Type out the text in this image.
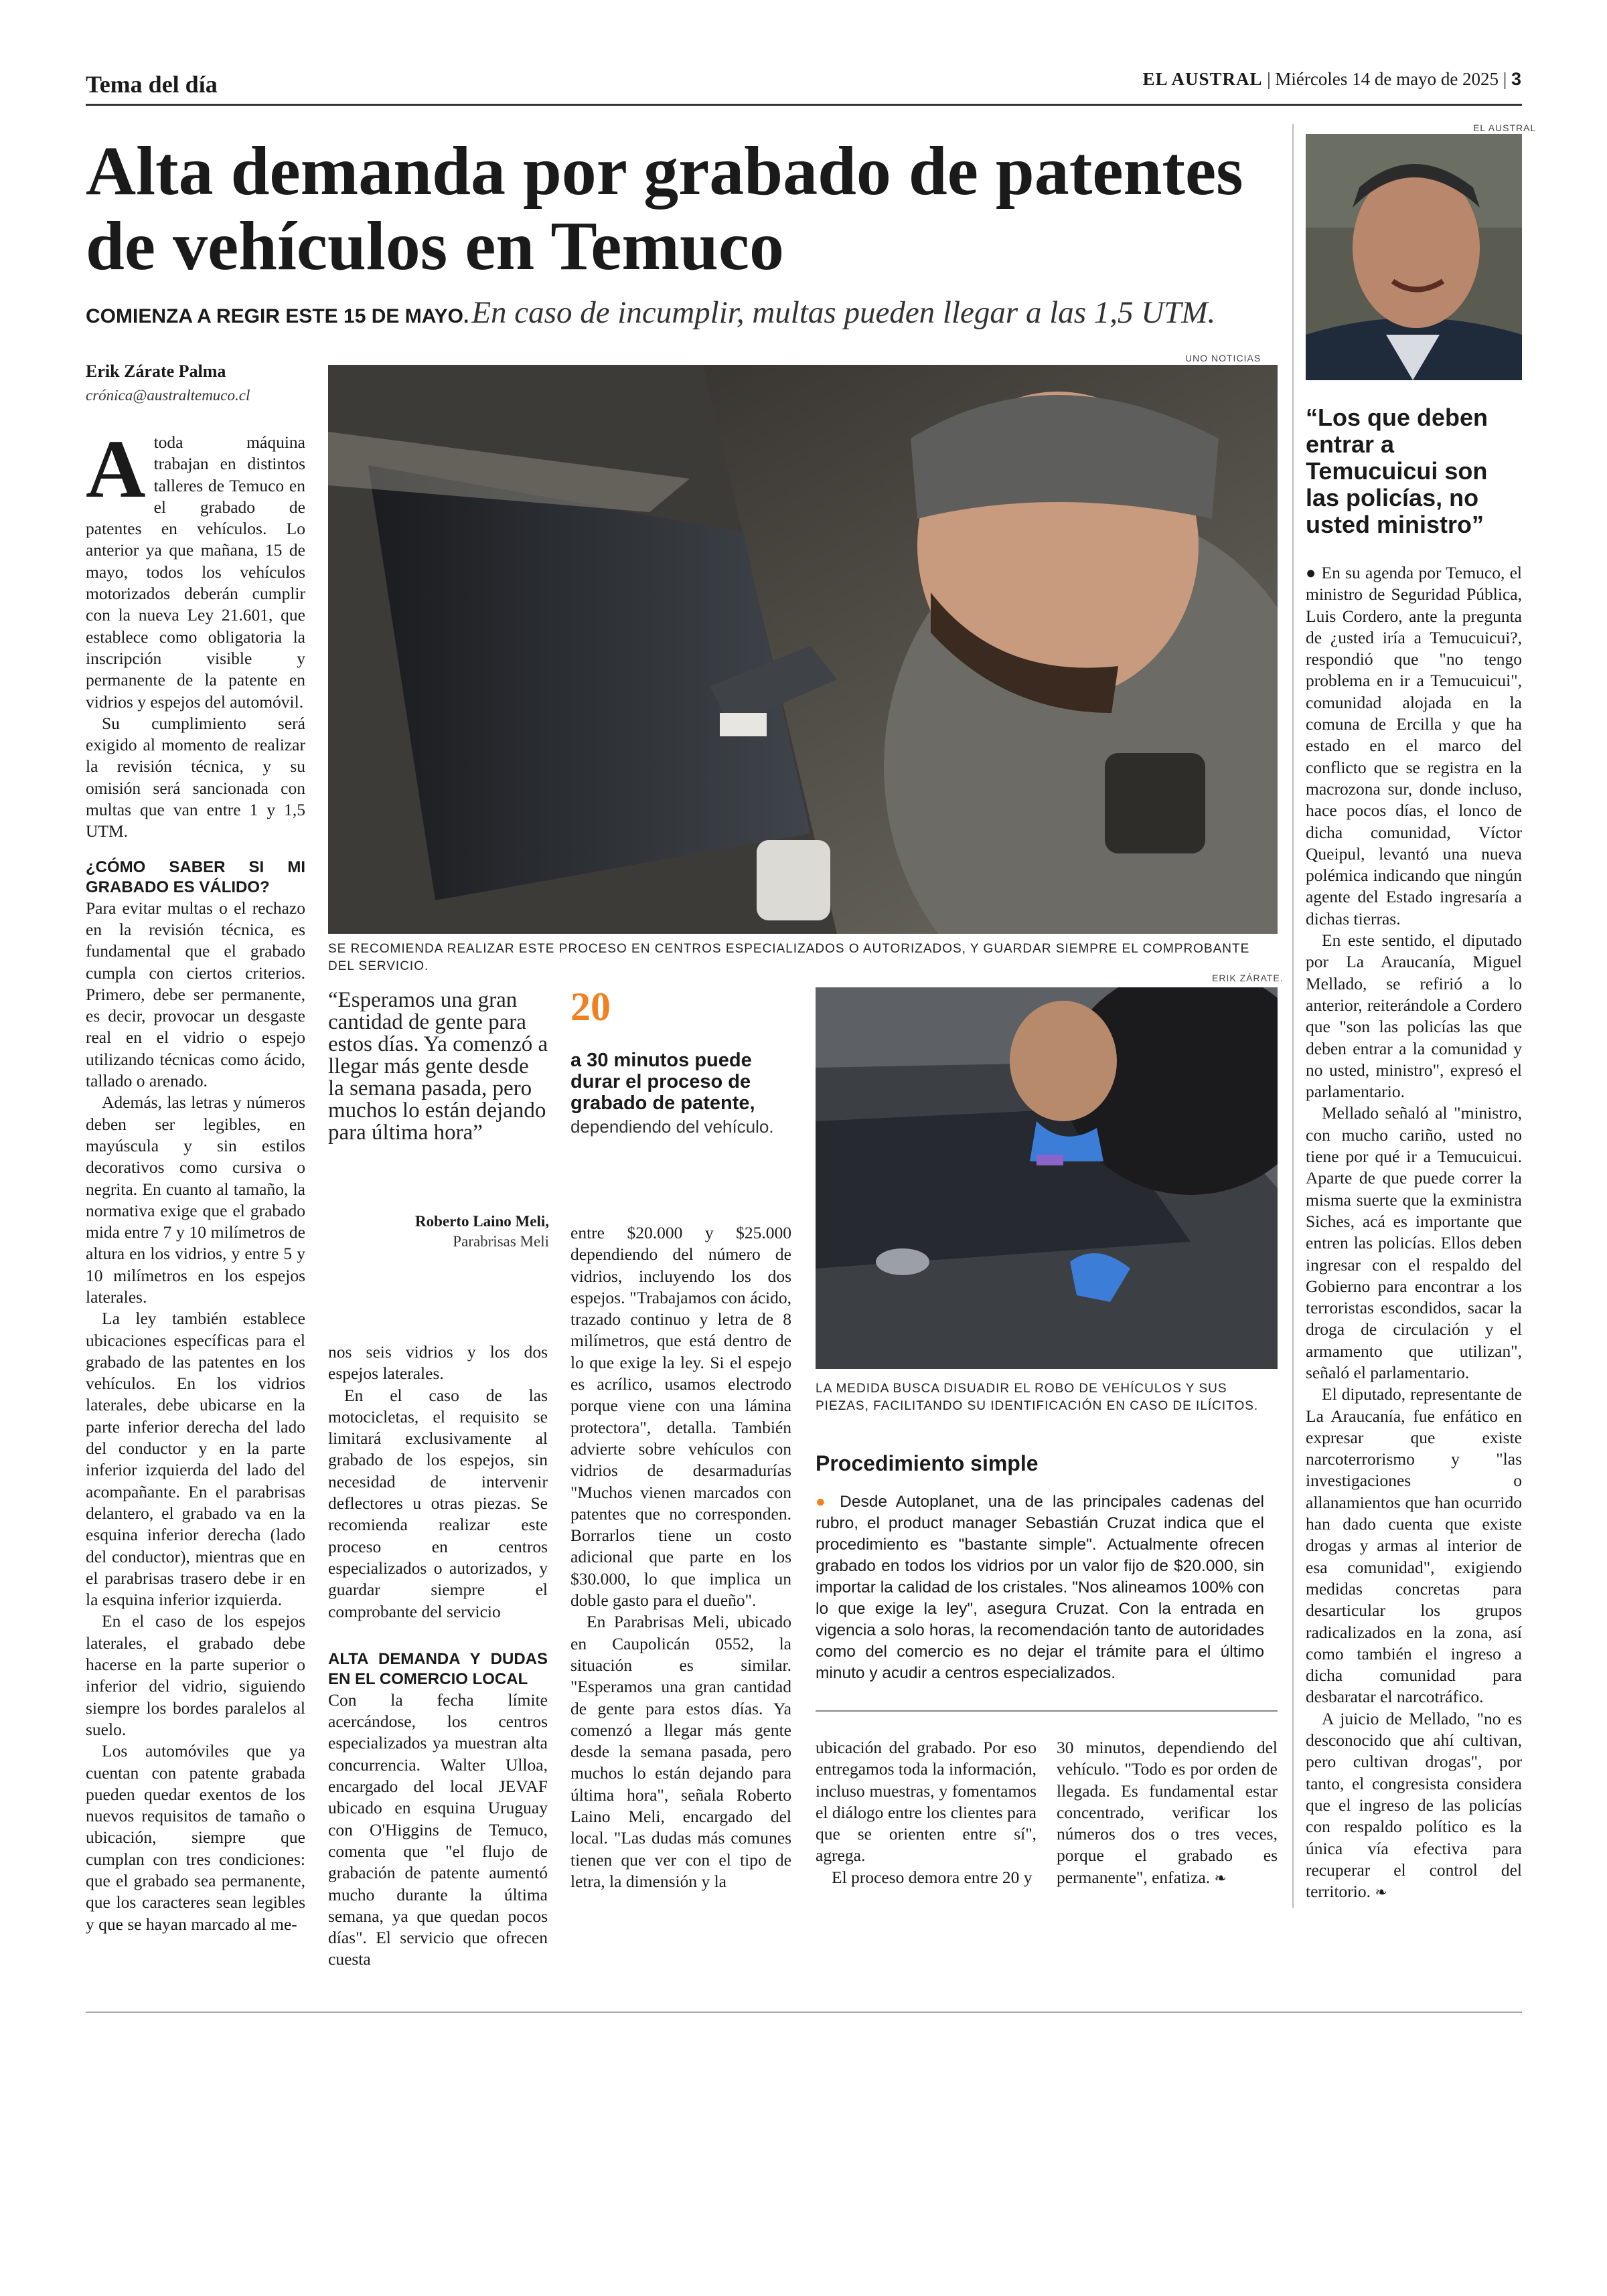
Tema del día	EL AUSTRAL | Miércoles 14 de mayo de 2025 | 3
Alta demanda por grabado de patentes de vehículos en Temuco
COMIENZA A REGIR ESTE 15 DE MAYO. En caso de incumplir, multas pueden llegar a las 1,5 UTM.
Erik Zárate Palma
crónica@australtemuco.cl
A toda máquina trabajan en distintos talleres de Temuco en el grabado de patentes en vehículos. Lo anterior ya que mañana, 15 de mayo, todos los vehículos motorizados deberán cumplir con la nueva Ley 21.601, que establece como obligatoria la inscripción visible y permanente de la patente en vidrios y espejos del automóvil.

Su cumplimiento será exigido al momento de realizar la revisión técnica, y su omisión será sancionada con multas que van entre 1 y 1,5 UTM.

¿CÓMO SABER SI MI GRABADO ES VÁLIDO?

Para evitar multas o el rechazo en la revisión técnica, es fundamental que el grabado cumpla con ciertos criterios. Primero, debe ser permanente, es decir, provocar un desgaste real en el vidrio o espejo utilizando técnicas como ácido, tallado o arenado.

Además, las letras y números deben ser legibles, en mayúscula y sin estilos decorativos como cursiva o negrita. En cuanto al tamaño, la normativa exige que el grabado mida entre 7 y 10 milímetros de altura en los vidrios, y entre 5 y 10 milímetros en los espejos laterales.

La ley también establece ubicaciones específicas para el grabado de las patentes en los vehículos. En los vidrios laterales, debe ubicarse en la parte inferior derecha del lado del conductor y en la parte inferior izquierda del lado del acompañante. En el parabrisas delantero, el grabado va en la esquina inferior derecha (lado del conductor), mientras que en el parabrisas trasero debe ir en la esquina inferior izquierda.

En el caso de los espejos laterales, el grabado debe hacerse en la parte superior o inferior del vidrio, siguiendo siempre los bordes paralelos al suelo.

Los automóviles que ya cuentan con patente grabada pueden quedar exentos de los nuevos requisitos de tamaño o ubicación, siempre que cumplan con tres condiciones: que el grabado sea permanente, que los caracteres sean legibles y que se hayan marcado al me-

UNO NOTICIAS
SE RECOMIENDA REALIZAR ESTE PROCESO EN CENTROS ESPECIALIZADOS O AUTORIZADOS, Y GUARDAR SIEMPRE EL COMPROBANTE DEL SERVICIO.
ERIK ZÁRATE.
“Esperamos una gran cantidad de gente para estos días. Ya comenzó a llegar más gente desde la semana pasada, pero muchos lo están dejando para última hora”
Roberto Laino Meli,
Parabrisas Meli
20
a 30 minutos puede durar el proceso de grabado de patente,
dependiendo del vehículo.
LA MEDIDA BUSCA DISUADIR EL ROBO DE VEHÍCULOS Y SUS PIEZAS, FACILITANDO SU IDENTIFICACIÓN EN CASO DE ILÍCITOS.

nos seis vidrios y los dos espejos laterales.

En el caso de las motocicletas, el requisito se limitará exclusivamente al grabado de los espejos, sin necesidad de intervenir deflectores u otras piezas. Se recomienda realizar este proceso en centros especializados o autorizados, y guardar siempre el comprobante del servicio

ALTA DEMANDA Y DUDAS EN EL COMERCIO LOCAL

Con la fecha límite acercándose, los centros especializados ya muestran alta concurrencia. Walter Ulloa, encargado del local JEVAF ubicado en esquina Uruguay con O'Higgins de Temuco, comenta que "el flujo de grabación de patente aumentó mucho durante la última semana, ya que quedan pocos días". El servicio que ofrecen cuesta

entre $20.000 y $25.000 dependiendo del número de vidrios, incluyendo los dos espejos. "Trabajamos con ácido, trazado continuo y letra de 8 milímetros, que está dentro de lo que exige la ley. Si el espejo es acrílico, usamos electrodo porque viene con una lámina protectora", detalla. También advierte sobre vehículos con vidrios de desarmadurías "Muchos vienen marcados con patentes que no corresponden. Borrarlos tiene un costo adicional que parte en los $30.000, lo que implica un doble gasto para el dueño".

En Parabrisas Meli, ubicado en Caupolicán 0552, la situación es similar. "Esperamos una gran cantidad de gente para estos días. Ya comenzó a llegar más gente desde la semana pasada, pero muchos lo están dejando para última hora", señala Roberto Laino Meli, encargado del local. "Las dudas más comunes tienen que ver con el tipo de letra, la dimensión y la

Procedimiento simple
● Desde Autoplanet, una de las principales cadenas del rubro, el product manager Sebastián Cruzat indica que el procedimiento es "bastante simple". Actualmente ofrecen grabado en todos los vidrios por un valor fijo de $20.000, sin importar la calidad de los cristales. "Nos alineamos 100% con lo que exige la ley", asegura Cruzat. Con la entrada en vigencia a solo horas, la recomendación tanto de autoridades como del comercio es no dejar el trámite para el último minuto y acudir a centros especializados.

ubicación del grabado. Por eso entregamos toda la información, incluso muestras, y fomentamos el diálogo entre los clientes para que se orienten entre sí", agrega.

El proceso demora entre 20 y

30 minutos, dependiendo del vehículo. "Todo es por orden de llegada. Es fundamental estar concentrado, verificar los números dos o tres veces, porque el grabado es permanente", enfatiza. ❧

EL AUSTRAL
“Los que deben entrar a Temucuicui son las policías, no usted ministro”

● En su agenda por Temuco, el ministro de Seguridad Pública, Luis Cordero, ante la pregunta de ¿usted iría a Temucuicui?, respondió que "no tengo problema en ir a Temucuicui", comunidad alojada en la comuna de Ercilla y que ha estado en el marco del conflicto que se registra en la macrozona sur, donde incluso, hace pocos días, el lonco de dicha comunidad, Víctor Queipul, levantó una nueva polémica indicando que ningún agente del Estado ingresaría a dichas tierras.

En este sentido, el diputado por La Araucanía, Miguel Mellado, se refirió a lo anterior, reiterándole a Cordero que "son las policías las que deben entrar a la comunidad y no usted, ministro", expresó el parlamentario.

Mellado señaló al "ministro, con mucho cariño, usted no tiene por qué ir a Temucuicui. Aparte de que puede correr la misma suerte que la exministra Siches, acá es importante que entren las policías. Ellos deben ingresar con el respaldo del Gobierno para encontrar a los terroristas escondidos, sacar la droga de circulación y el armamento que utilizan", señaló el parlamentario.

El diputado, representante de La Araucanía, fue enfático en expresar que existe narcoterrorismo y "las investigaciones o allanamientos que han ocurrido han dado cuenta que existe drogas y armas al interior de esa comunidad", exigiendo medidas concretas para desarticular los grupos radicalizados en la zona, así como también el ingreso a dicha comunidad para desbaratar el narcotráfico.

A juicio de Mellado, "no es desconocido que ahí cultivan, pero cultivan drogas", por tanto, el congresista considera que el ingreso de las policías con respaldo político es la única vía efectiva para recuperar el control del territorio. ❧
